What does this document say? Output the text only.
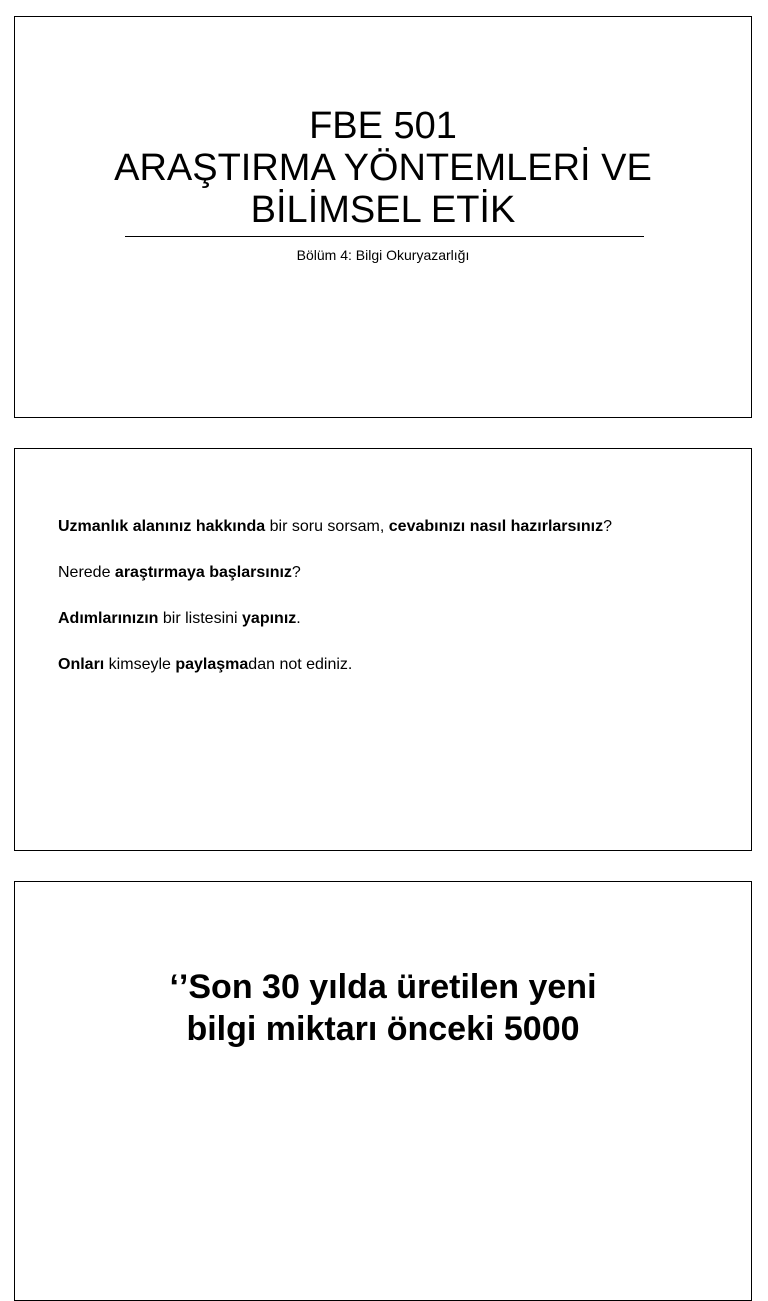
FBE 501
ARAŞTIRMA YÖNTEMLERİ VE
BİLİMSEL ETİK
Bölüm 4: Bilgi Okuryazarlığı
Uzmanlık alanınız hakkında bir soru sorsam, cevabınızı nasıl hazırlarsınız?
Nerede araştırmaya başlarsınız?
Adımlarınızın bir listesini yapınız.
Onları kimseyle paylaşmadan not ediniz.
‘’Son 30 yılda üretilen yeni
bilgi miktarı önceki 5000
